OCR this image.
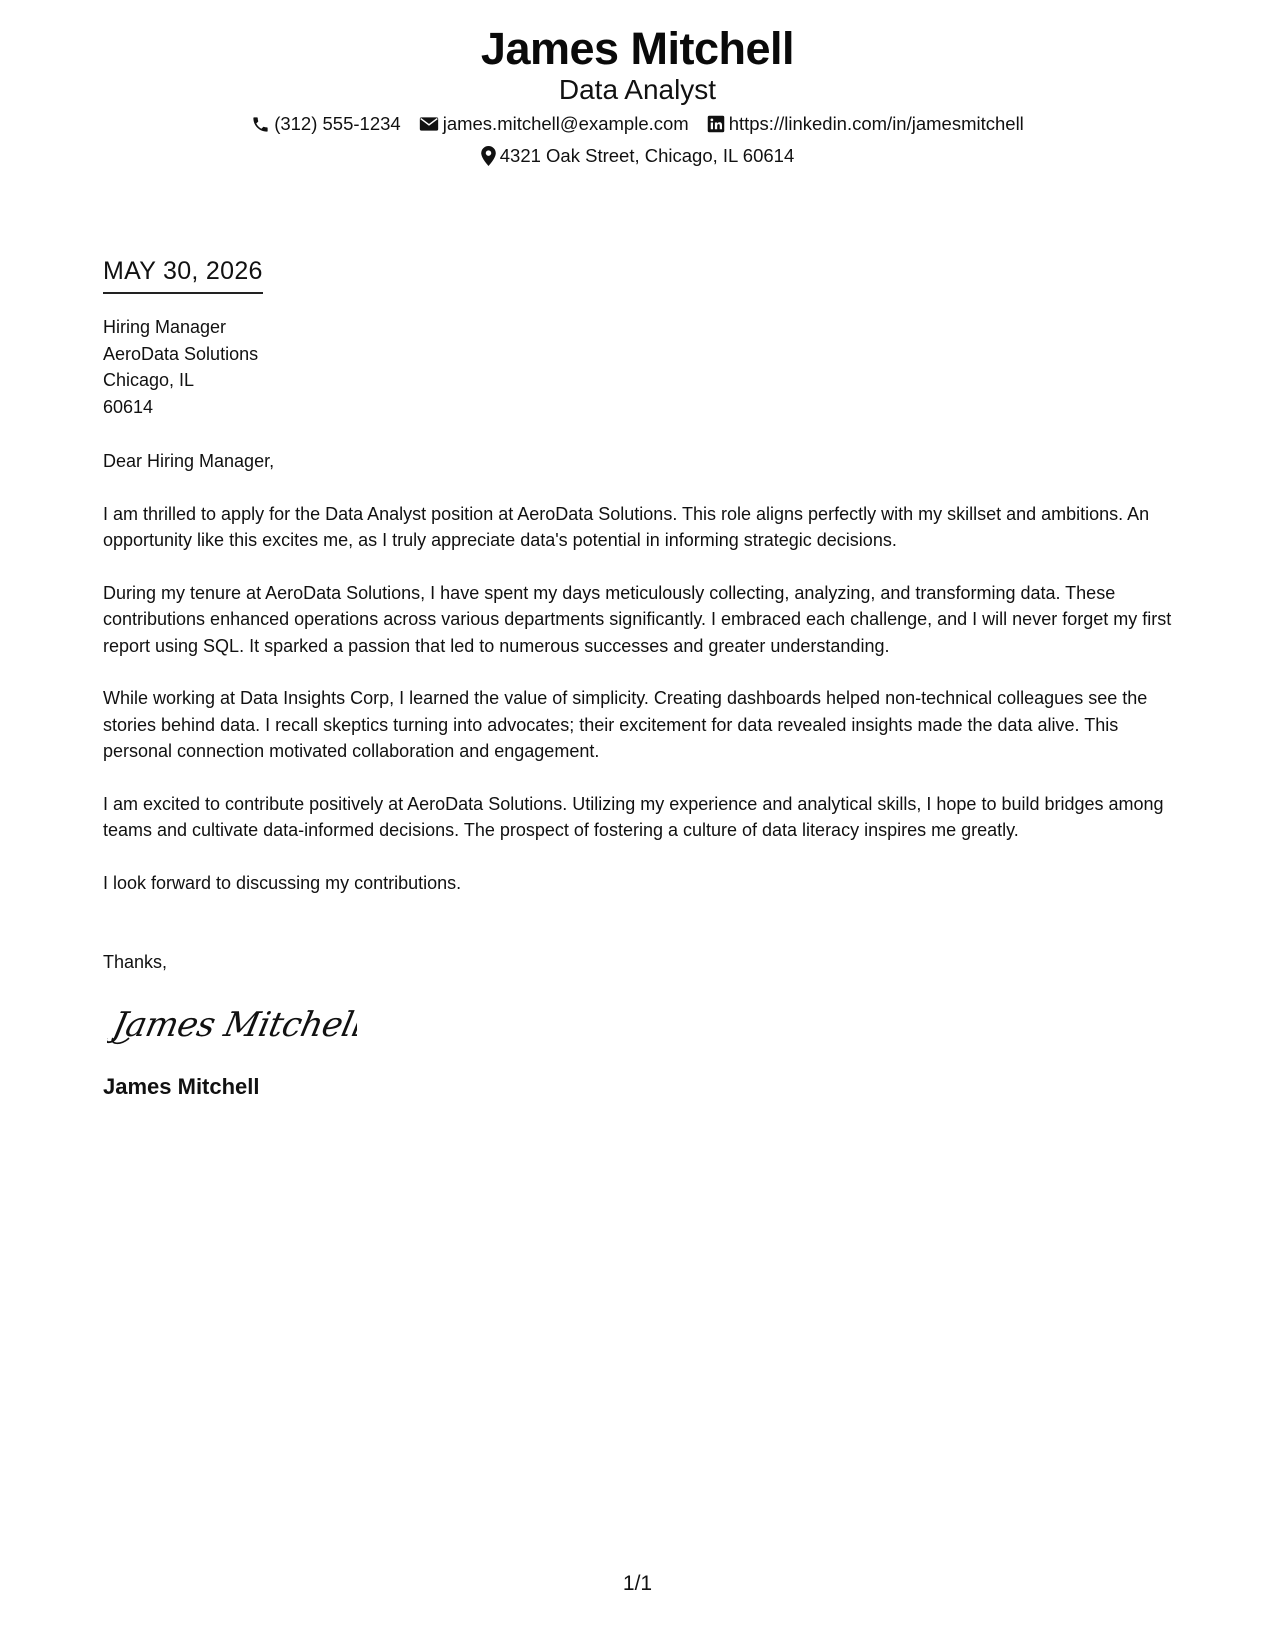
James Mitchell
Data Analyst
(312) 555-1234 james.mitchell@example.com https://linkedin.com/in/jamesmitchell
4321 Oak Street, Chicago, IL 60614
MAY 30, 2026
Hiring Manager
AeroData Solutions
Chicago, IL
60614
Dear Hiring Manager,
I am thrilled to apply for the Data Analyst position at AeroData Solutions. This role aligns perfectly with my skillset and ambitions. An opportunity like this excites me, as I truly appreciate data's potential in informing strategic decisions.
During my tenure at AeroData Solutions, I have spent my days meticulously collecting, analyzing, and transforming data. These contributions enhanced operations across various departments significantly. I embraced each challenge, and I will never forget my first report using SQL. It sparked a passion that led to numerous successes and greater understanding.
While working at Data Insights Corp, I learned the value of simplicity. Creating dashboards helped non-technical colleagues see the stories behind data. I recall skeptics turning into advocates; their excitement for data revealed insights made the data alive. This personal connection motivated collaboration and engagement.
I am excited to contribute positively at AeroData Solutions. Utilizing my experience and analytical skills, I hope to build bridges among teams and cultivate data-informed decisions. The prospect of fostering a culture of data literacy inspires me greatly.
I look forward to discussing my contributions.
Thanks,
James Mitchell
James Mitchell
1/1
